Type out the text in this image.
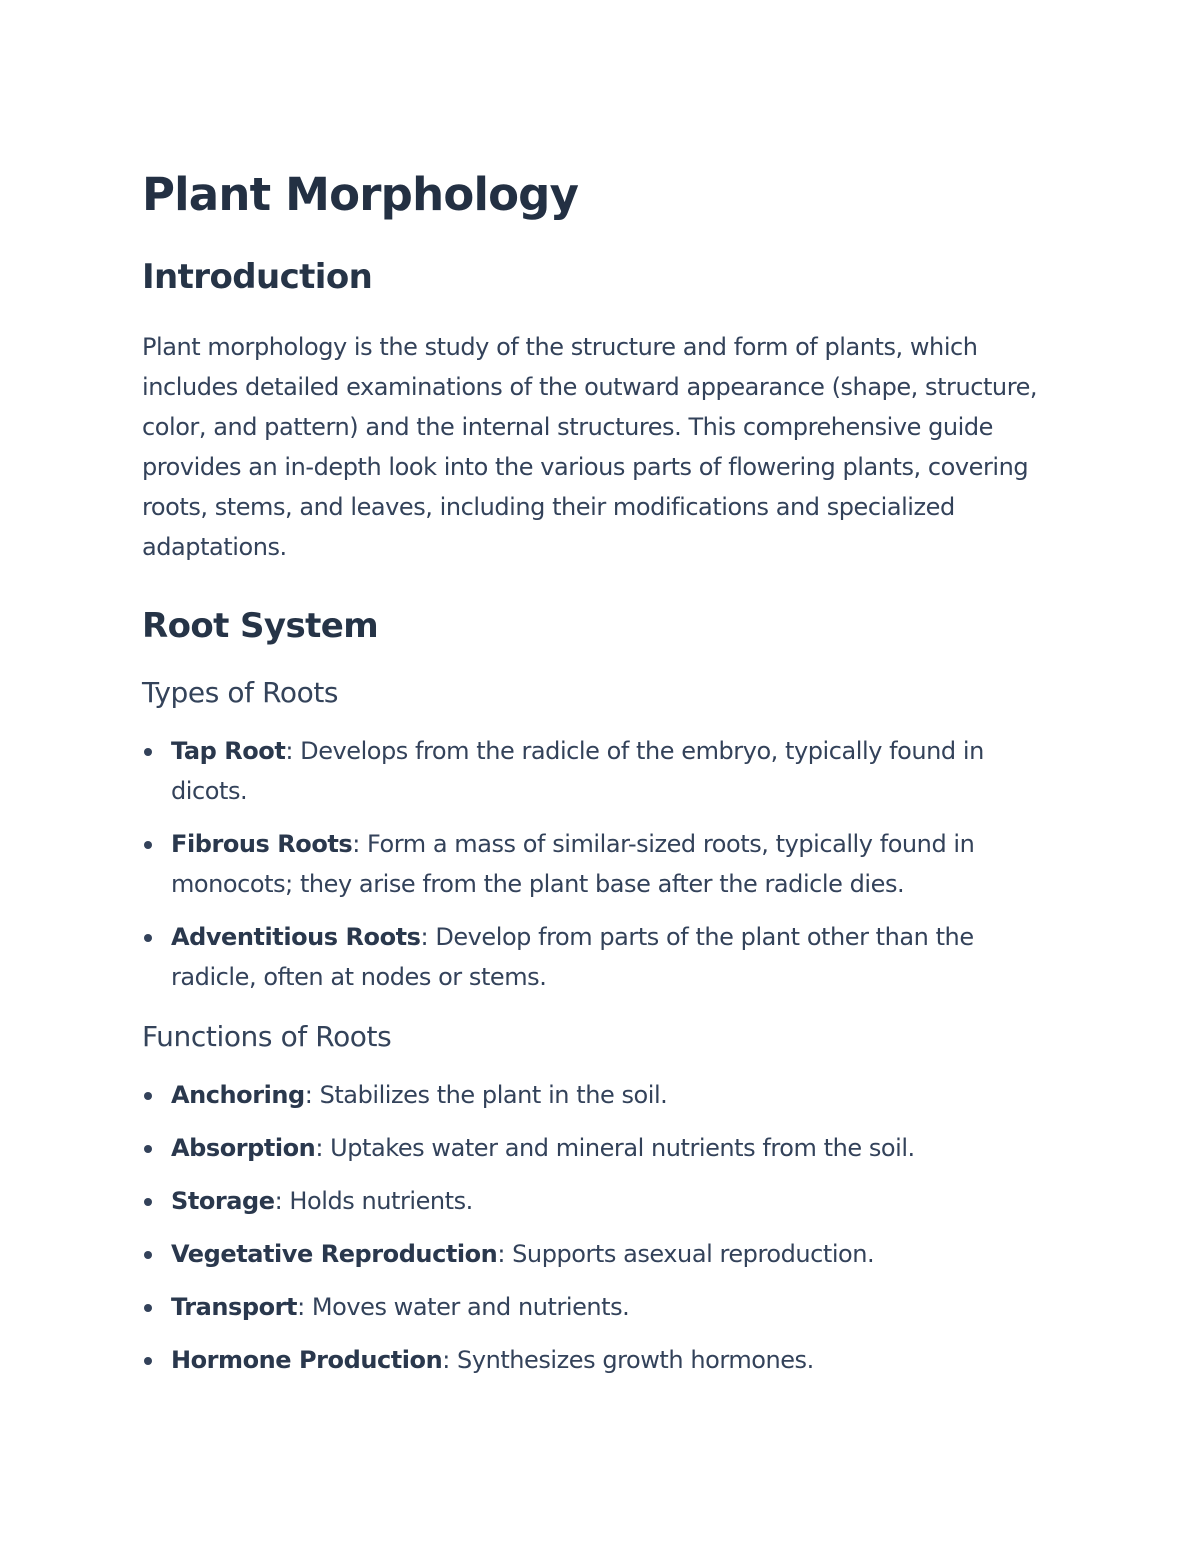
Plant Morphology
Introduction

Plant morphology is the study of the structure and form of plants, which includes detailed examinations of the outward appearance (shape, structure, color, and pattern) and the internal structures. This comprehensive guide provides an in-depth look into the various parts of flowering plants, covering roots, stems, and leaves, including their modifications and specialized adaptations.

Root System
Types of Roots
Tap Root: Develops from the radicle of the embryo, typically found in dicots.
Fibrous Roots: Form a mass of similar-sized roots, typically found in monocots; they arise from the plant base after the radicle dies.
Adventitious Roots: Develop from parts of the plant other than the radicle, often at nodes or stems.
Functions of Roots
Anchoring: Stabilizes the plant in the soil.
Absorption: Uptakes water and mineral nutrients from the soil.
Storage: Holds nutrients.
Vegetative Reproduction: Supports asexual reproduction.
Transport: Moves water and nutrients.
Hormone Production: Synthesizes growth hormones.
